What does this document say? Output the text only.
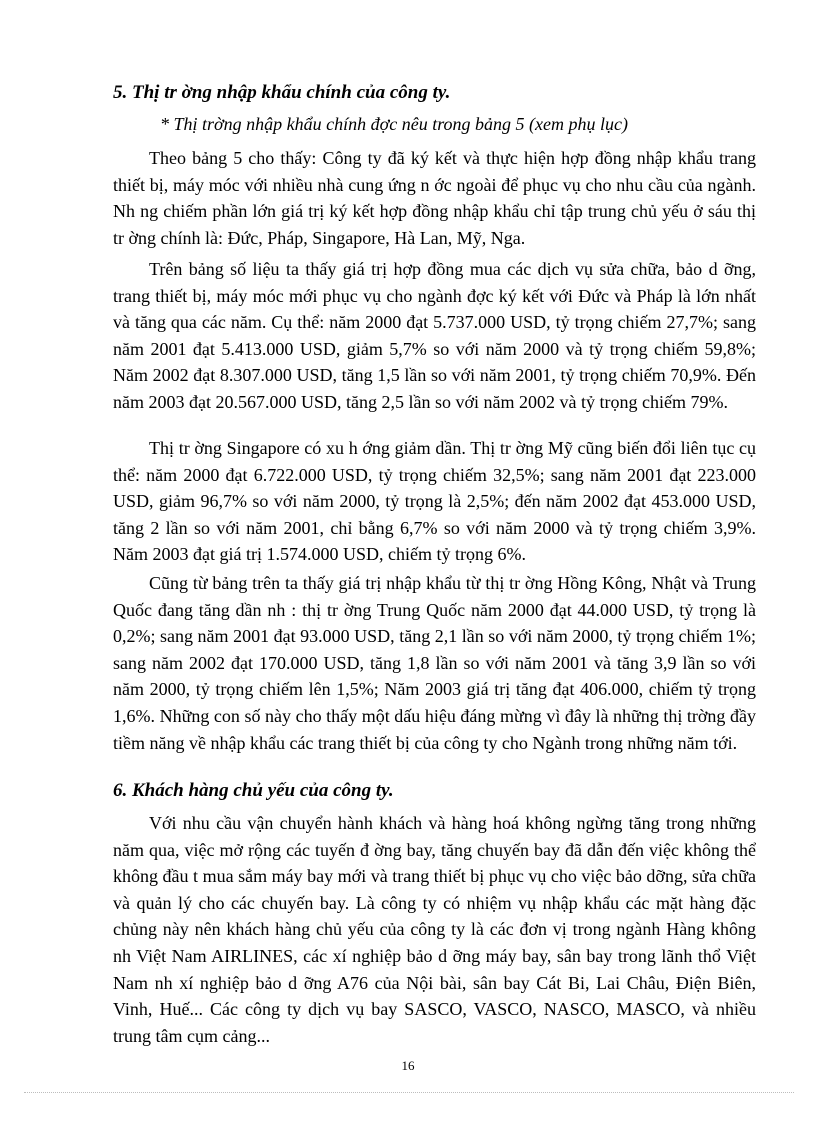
5. Thị tr ờng nhập khẩu chính của công ty.
* Thị trờng nhập khẩu chính đợc nêu trong bảng 5 (xem phụ lục)

Theo bảng 5 cho thấy: Công ty đã ký kết và thực hiện hợp đồng nhập khẩu trang thiết bị, máy móc với nhiều nhà cung ứng n ớc ngoài để phục vụ cho nhu cầu của ngành. Nh ng chiếm phần lớn giá trị ký kết hợp đồng nhập khẩu chỉ tập trung chủ yếu ở sáu thị tr ờng chính là: Đức, Pháp, Singapore, Hà Lan, Mỹ, Nga.

Trên bảng số liệu ta thấy giá trị hợp đồng mua các dịch vụ sửa chữa, bảo d ỡng, trang thiết bị, máy móc mới phục vụ cho ngành đợc ký kết với Đức và Pháp là lớn nhất và tăng qua các năm. Cụ thể: năm 2000 đạt 5.737.000 USD, tỷ trọng chiếm 27,7%; sang năm 2001 đạt 5.413.000 USD, giảm 5,7% so với năm 2000 và tỷ trọng chiếm 59,8%; Năm 2002 đạt 8.307.000 USD, tăng 1,5 lần so với năm 2001, tỷ trọng chiếm 70,9%. Đến năm 2003 đạt 20.567.000 USD, tăng 2,5 lần so với năm 2002 và tỷ trọng chiếm 79%.

Thị tr ờng Singapore có xu h ớng giảm dần. Thị tr ờng Mỹ cũng biến đổi liên tục cụ thể: năm 2000 đạt 6.722.000 USD, tỷ trọng chiếm 32,5%; sang năm 2001 đạt 223.000 USD, giảm 96,7% so với năm 2000, tỷ trọng là 2,5%; đến năm 2002 đạt 453.000 USD, tăng 2 lần so với năm 2001, chỉ bằng 6,7% so với năm 2000 và tỷ trọng chiếm 3,9%. Năm 2003 đạt giá trị 1.574.000 USD, chiếm tỷ trọng 6%.

Cũng từ bảng trên ta thấy giá trị nhập khẩu từ thị tr ờng Hồng Kông, Nhật và Trung Quốc đang tăng dần nh : thị tr ờng Trung Quốc năm 2000 đạt 44.000 USD, tỷ trọng là 0,2%; sang năm 2001 đạt 93.000 USD, tăng 2,1 lần so với năm 2000, tỷ trọng chiếm 1%; sang năm 2002 đạt 170.000 USD, tăng 1,8 lần so với năm 2001 và tăng 3,9 lần so với năm 2000, tỷ trọng chiếm lên 1,5%; Năm 2003 giá trị tăng đạt 406.000, chiếm tỷ trọng 1,6%. Những con số này cho thấy một dấu hiệu đáng mừng vì đây là những thị trờng đầy tiềm năng về nhập khẩu các trang thiết bị của công ty cho Ngành trong những năm tới.

6. Khách hàng chủ yếu của công ty.

Với nhu cầu vận chuyển hành khách và hàng hoá không ngừng tăng trong những năm qua, việc mở rộng các tuyến đ ờng bay, tăng chuyến bay đã dẫn đến việc không thể không đầu t mua sắm máy bay mới và trang thiết bị phục vụ cho việc bảo dỡng, sửa chữa và quản lý cho các chuyến bay. Là công ty có nhiệm vụ nhập khẩu các mặt hàng đặc chủng này nên khách hàng chủ yếu của công ty là các đơn vị trong ngành Hàng không nh Việt Nam AIRLINES, các xí nghiệp bảo d ỡng máy bay, sân bay trong lãnh thổ Việt Nam nh xí nghiệp bảo d ỡng A76 của Nội bài, sân bay Cát Bi, Lai Châu, Điện Biên, Vinh, Huế... Các công ty dịch vụ bay SASCO, VASCO, NASCO, MASCO, và nhiều trung tâm cụm cảng...

16
